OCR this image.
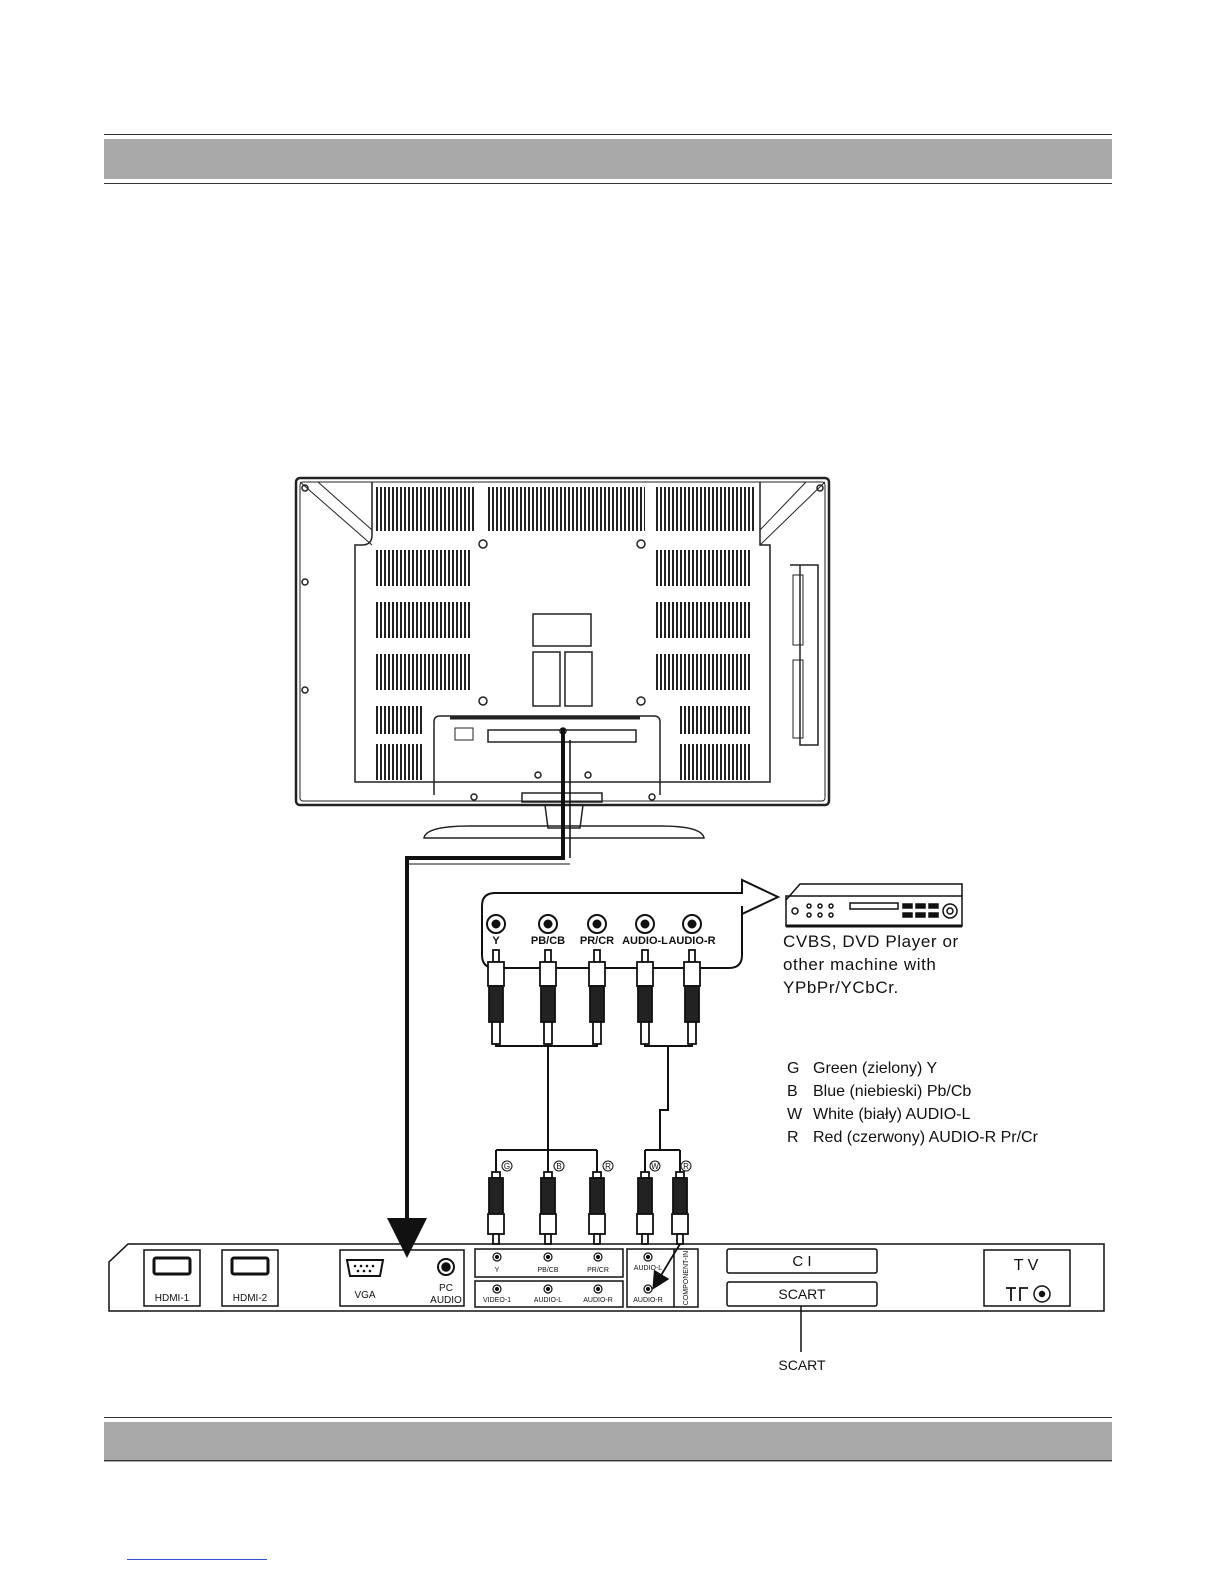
Y	PB/CB PR/CR AUDIO-L AUDIO-R
G	B	R	W	R
HDMI-1	HDMI-2	VGA
PC
AUDIO
Y	PB/CB	PR/CR	AUDIO-L
VIDEO-1	AUDIO-L	AUDIO-R	AUDIO-R	COMPONENT-IN	C I
SCART
T V
SCART
CVBS, DVD Player or
other machine with
YPbPr/YCbCr.
G Green (zielony) Y
B Blue (niebieski) Pb/Cb
W White (biały) AUDIO-L
R Red (czerwony) AUDIO-R Pr/Cr
